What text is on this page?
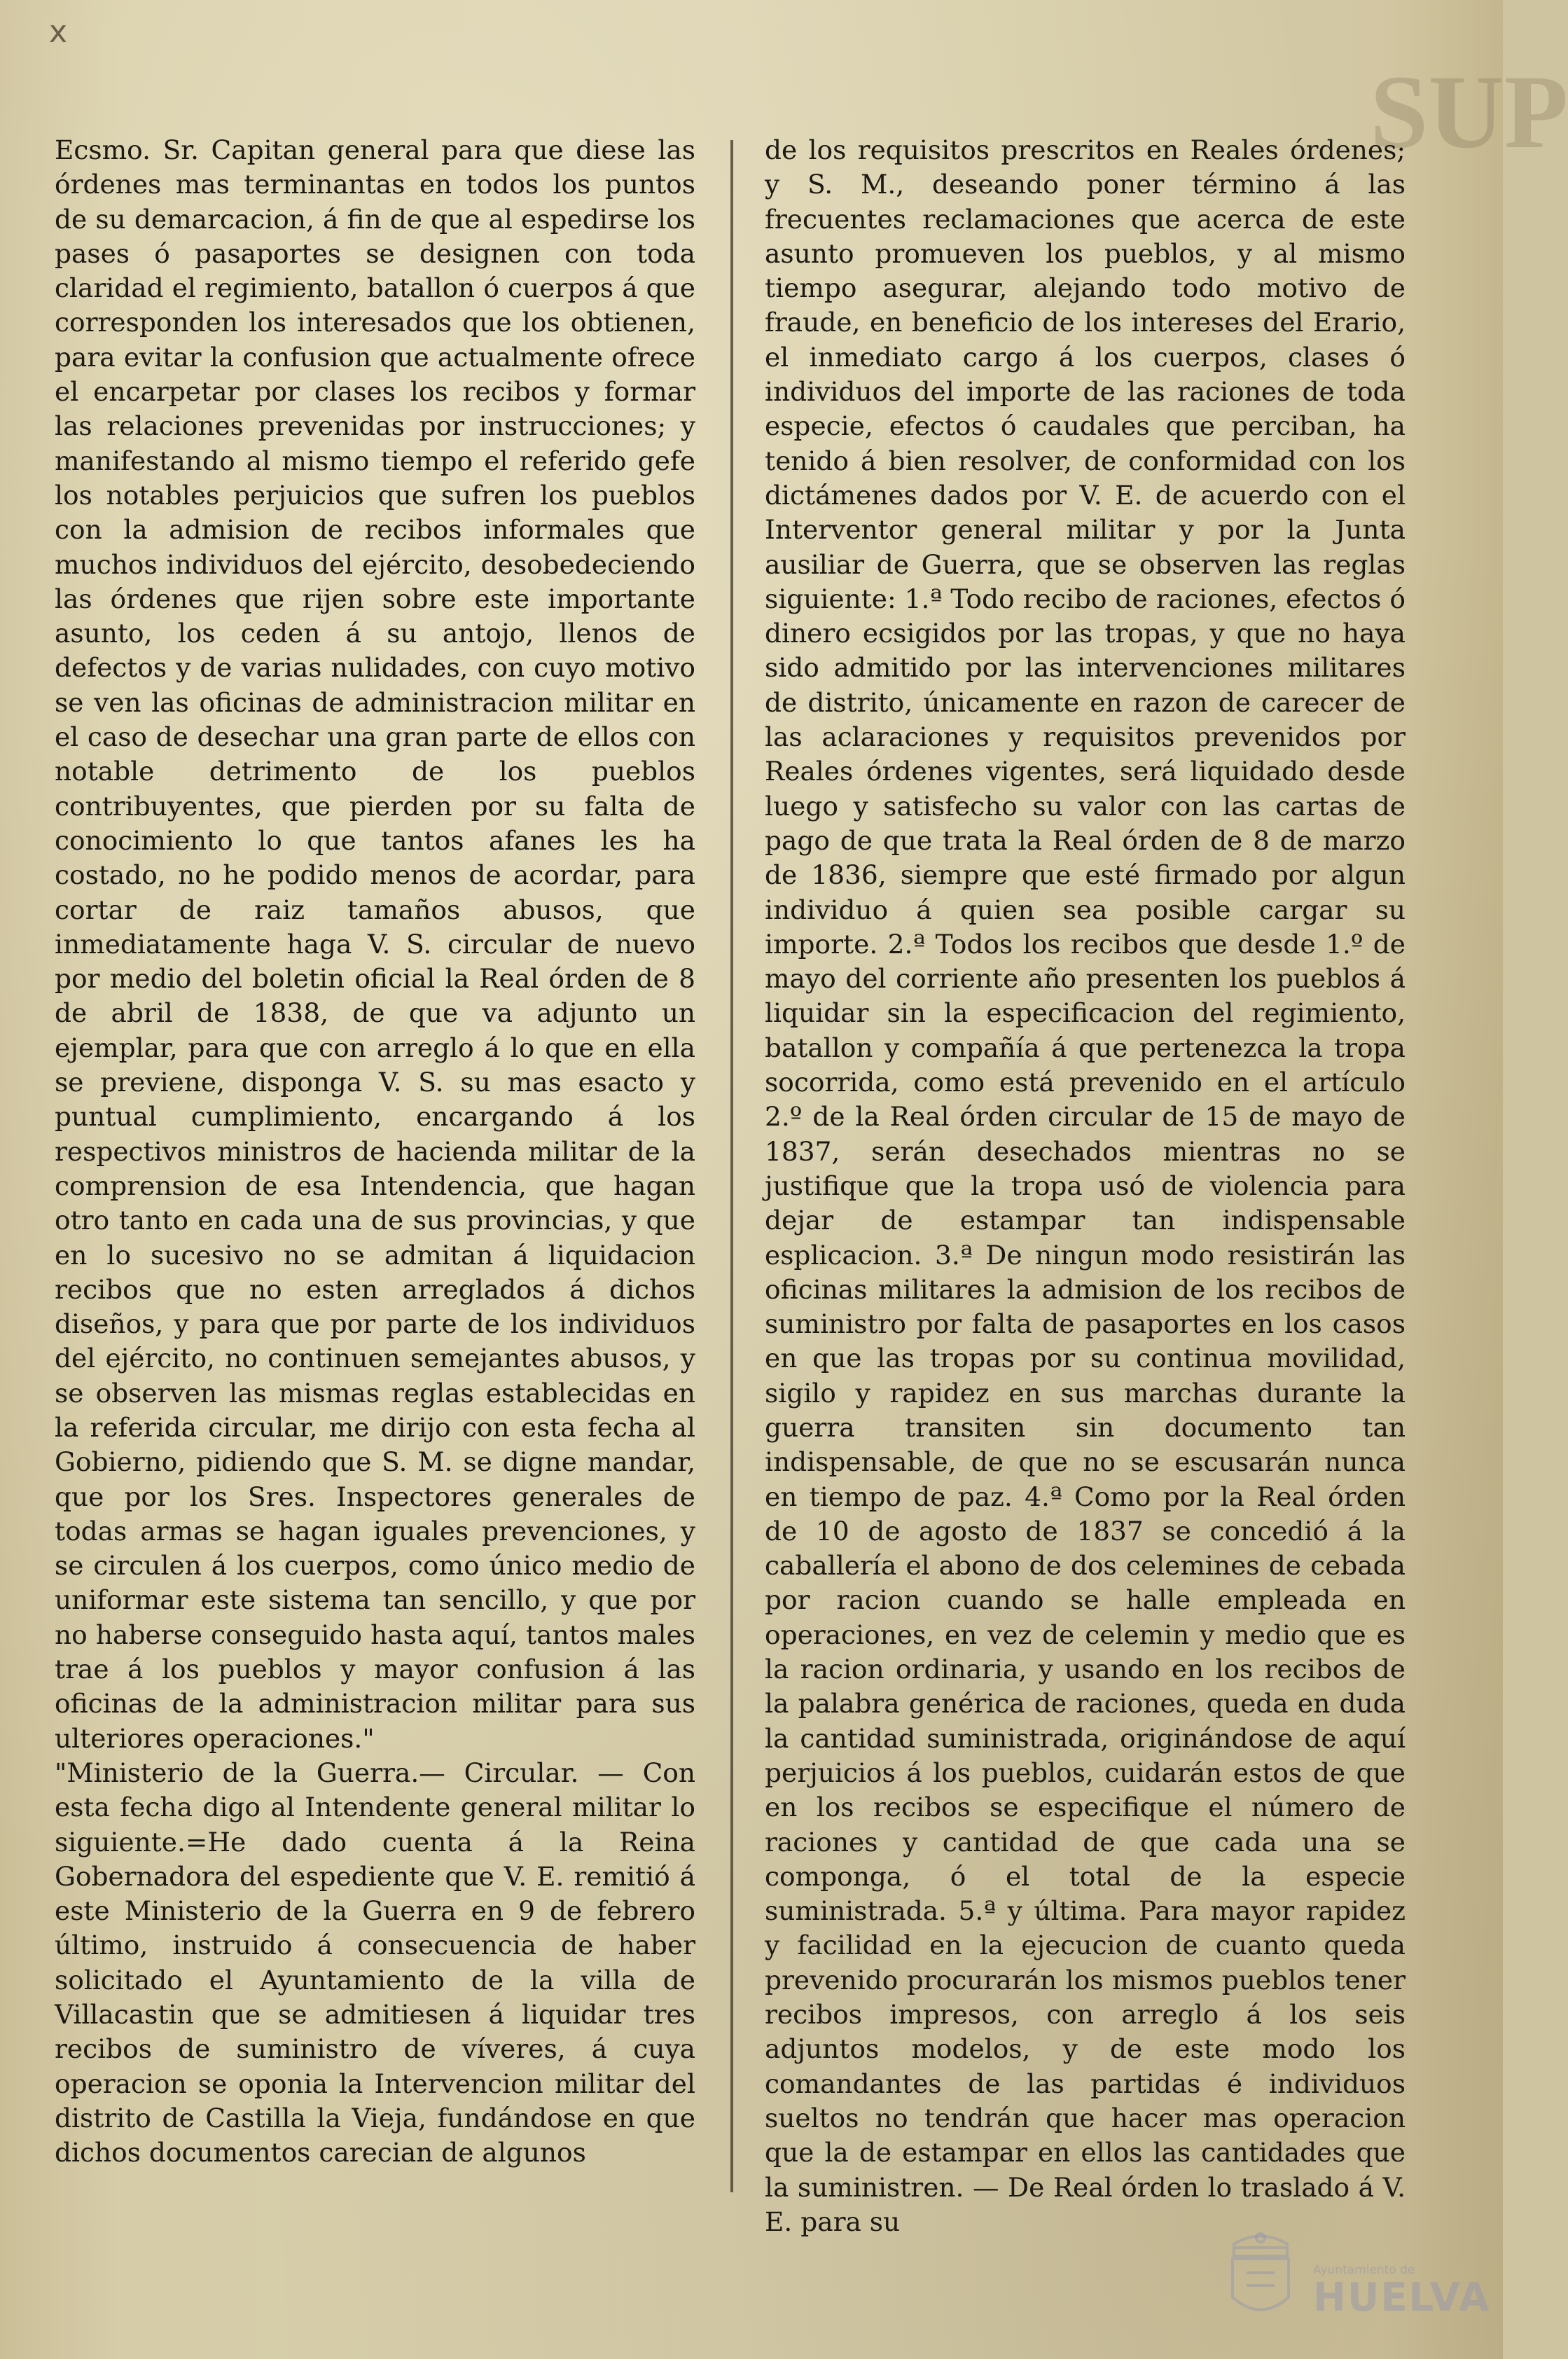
x
SUP

Ecsmo. Sr. Capitan general para que diese las órdenes mas terminantas en todos los puntos de su demarcacion, á fin de que al espedirse los pases ó pasaportes se designen con toda claridad el regimiento, batallon ó cuerpos á que corresponden los interesados que los obtienen, para evitar la confusion que actualmente ofrece el encarpetar por clases los recibos y formar las relaciones prevenidas por instrucciones; y manifestando al mismo tiempo el referido gefe los notables perjuicios que sufren los pueblos con la admision de recibos informales que muchos individuos del ejército, desobedeciendo las órdenes que rijen sobre este importante asunto, los ceden á su antojo, llenos de defectos y de varias nulidades, con cuyo motivo se ven las oficinas de administracion militar en el caso de desechar una gran parte de ellos con notable detrimento de los pueblos contribuyentes, que pierden por su falta de conocimiento lo que tantos afanes les ha costado, no he podido menos de acordar, para cortar de raiz tamaños abusos, que inmediatamente haga V. S. circular de nuevo por medio del boletin oficial la Real órden de 8 de abril de 1838, de que va adjunto un ejemplar, para que con arreglo á lo que en ella se previene, disponga V. S. su mas esacto y puntual cumplimiento, encargando á los respectivos ministros de hacienda militar de la comprension de esa Intendencia, que hagan otro tanto en cada una de sus provincias, y que en lo sucesivo no se admitan á liquidacion recibos que no esten arreglados á dichos diseños, y para que por parte de los individuos del ejército, no continuen semejantes abusos, y se observen las mismas reglas establecidas en la referida circular, me dirijo con esta fecha al Gobierno, pidiendo que S. M. se digne mandar, que por los Sres. Inspectores generales de todas armas se hagan iguales prevenciones, y se circulen á los cuerpos, como único medio de uniformar este sistema tan sencillo, y que por no haberse conseguido hasta aquí, tantos males trae á los pueblos y mayor confusion á las oficinas de la administracion militar para sus ulteriores operaciones."

"Ministerio de la Guerra.— Circular. — Con esta fecha digo al Intendente general militar lo siguiente.=He dado cuenta á la Reina Gobernadora del espediente que V. E. remitió á este Ministerio de la Guerra en 9 de febrero último, instruido á consecuencia de haber solicitado el Ayuntamiento de la villa de Villacastin que se admitiesen á liquidar tres recibos de suministro de víveres, á cuya operacion se oponia la Intervencion militar del distrito de Castilla la Vieja, fundándose en que dichos documentos carecian de algunos

de los requisitos prescritos en Reales órdenes; y S. M., deseando poner término á las frecuentes reclamaciones que acerca de este asunto promueven los pueblos, y al mismo tiempo asegurar, alejando todo motivo de fraude, en beneficio de los intereses del Erario, el inmediato cargo á los cuerpos, clases ó individuos del importe de las raciones de toda especie, efectos ó caudales que perciban, ha tenido á bien resolver, de conformidad con los dictámenes dados por V. E. de acuerdo con el Interventor general militar y por la Junta ausiliar de Guerra, que se observen las reglas siguiente: 1.ª Todo recibo de raciones, efectos ó dinero ecsigidos por las tropas, y que no haya sido admitido por las intervenciones militares de distrito, únicamente en razon de carecer de las aclaraciones y requisitos prevenidos por Reales órdenes vigentes, será liquidado desde luego y satisfecho su valor con las cartas de pago de que trata la Real órden de 8 de marzo de 1836, siempre que esté firmado por algun individuo á quien sea posible cargar su importe. 2.ª Todos los recibos que desde 1.º de mayo del corriente año presenten los pueblos á liquidar sin la especificacion del regimiento, batallon y compañía á que pertenezca la tropa socorrida, como está prevenido en el artículo 2.º de la Real órden circular de 15 de mayo de 1837, serán desechados mientras no se justifique que la tropa usó de violencia para dejar de estampar tan indispensable esplicacion. 3.ª De ningun modo resistirán las oficinas militares la admision de los recibos de suministro por falta de pasaportes en los casos en que las tropas por su continua movilidad, sigilo y rapidez en sus marchas durante la guerra transiten sin documento tan indispensable, de que no se escusarán nunca en tiempo de paz. 4.ª Como por la Real órden de 10 de agosto de 1837 se concedió á la caballería el abono de dos celemines de cebada por racion cuando se halle empleada en operaciones, en vez de celemin y medio que es la racion ordinaria, y usando en los recibos de la palabra genérica de raciones, queda en duda la cantidad suministrada, originándose de aquí perjuicios á los pueblos, cuidarán estos de que en los recibos se especifique el número de raciones y cantidad de que cada una se componga, ó el total de la especie suministrada. 5.ª y última. Para mayor rapidez y facilidad en la ejecucion de cuanto queda prevenido procurarán los mismos pueblos tener recibos impresos, con arreglo á los seis adjuntos modelos, y de este modo los comandantes de las partidas é individuos sueltos no tendrán que hacer mas operacion que la de estampar en ellos las cantidades que la suministren. — De Real órden lo traslado á V. E. para su

Ayuntamiento de
HUELVA
